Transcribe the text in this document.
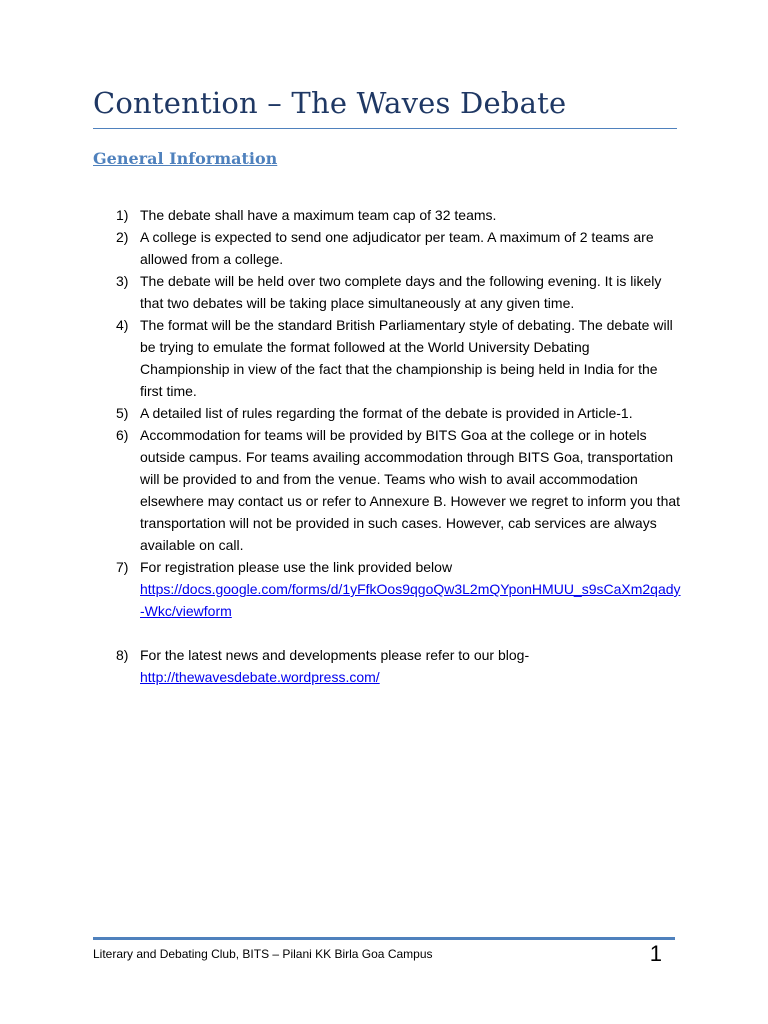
Contention – The Waves Debate
General Information
1) The debate shall have a maximum team cap of 32 teams.
2) A college is expected to send one adjudicator per team. A maximum of 2 teams are allowed from a college.
3) The debate will be held over two complete days and the following evening. It is likely that two debates will be taking place simultaneously at any given time.
4) The format will be the standard British Parliamentary style of debating. The debate will be trying to emulate the format followed at the World University Debating Championship in view of the fact that the championship is being held in India for the first time.
5) A detailed list of rules regarding the format of the debate is provided in Article-1.
6) Accommodation for teams will be provided by BITS Goa at the college or in hotels outside campus. For teams availing accommodation through BITS Goa, transportation will be provided to and from the venue. Teams who wish to avail accommodation elsewhere may contact us or refer to Annexure B. However we regret to inform you that transportation will not be provided in such cases. However, cab services are always available on call.
7) For registration please use the link provided below
https://docs.google.com/forms/d/1yFfkOos9qgoQw3L2mQYponHMUU_s9sCaXm2qady-Wkc/viewform
8) For the latest news and developments please refer to our blog-
http://thewavesdebate.wordpress.com/
Literary and Debating Club, BITS – Pilani KK Birla Goa Campus	1
